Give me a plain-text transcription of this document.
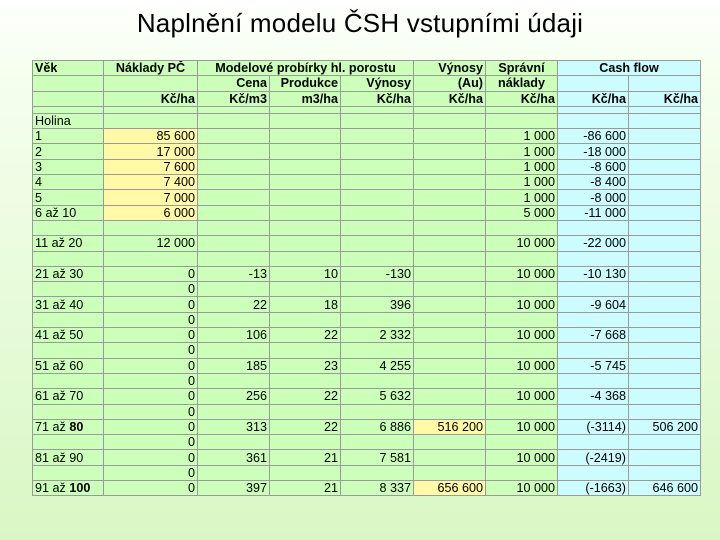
Naplnění modelu ČSH vstupními údaji
Věk	Náklady PČ	Modelové probírky hl. porostu			Výnosy	Správní	Cash flow	
		Cena	Produkce	Výnosy	(Au)	náklady		
	Kč/ha	Kč/m3	m3/ha	Kč/ha	Kč/ha	Kč/ha	Kč/ha	Kč/ha

Holina								
1	85 600					1 000	-86 600	
2	17 000					1 000	-18 000	
3	7 600					1 000	-8 600	
4	7 400					1 000	-8 400	
5	7 000					1 000	-8 000	
6 až 10	6 000					5 000	-11 000	

11 až 20	12 000					10 000	-22 000	

21 až 30	0	-13	10	-130		10 000	-10 130	
	0							
31 až 40	0	22	18	396		10 000	-9 604	
	0							
41 až 50	0	106	22	2 332		10 000	-7 668	
	0							
51 až 60	0	185	23	4 255		10 000	-5 745	
	0							
61 až 70	0	256	22	5 632		10 000	-4 368	
	0							
71 až 80	0	313	22	6 886	516 200	10 000	(-3114)	506 200
	0							
81 až 90	0	361	21	7 581		10 000	(-2419)	
	0							
91 až 100	0	397	21	8 337	656 600	10 000	(-1663)	646 600
